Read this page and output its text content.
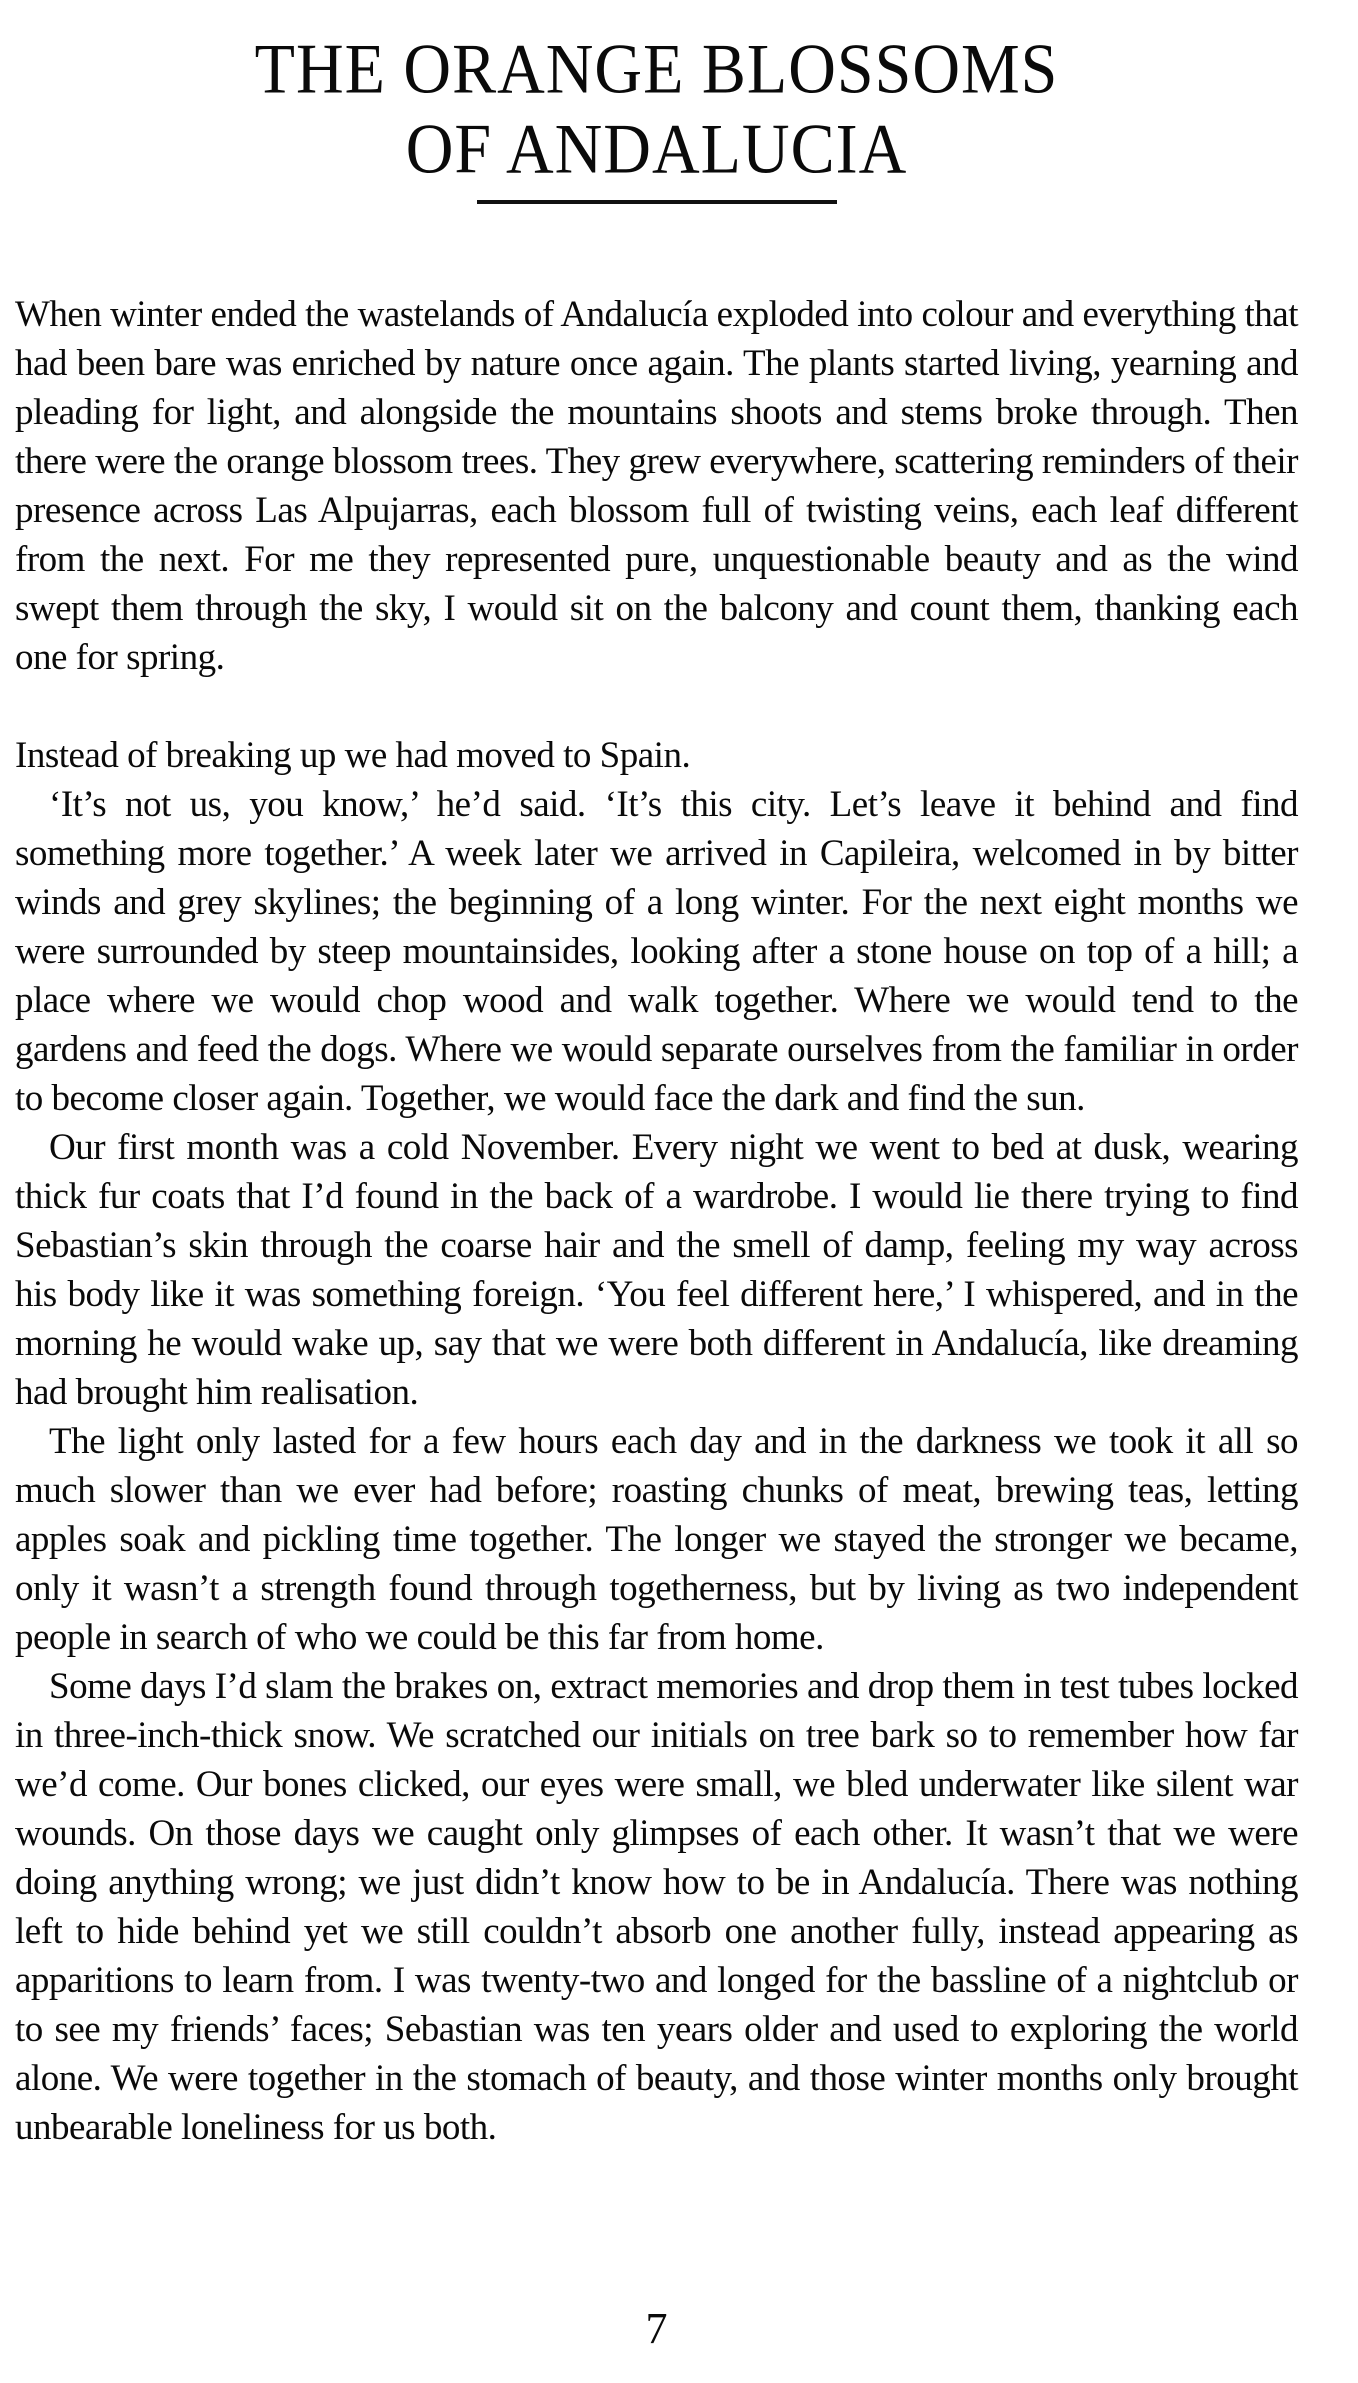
THE ORANGE BLOSSOMS
OF ANDALUCIA

When winter ended the wastelands of Andalucía exploded into colour and everything that had been bare was enriched by nature once again. The plants started living, yearning and pleading for light, and alongside the mountains shoots and stems broke through. Then there were the orange blossom trees. They grew everywhere, scattering reminders of their presence across Las Alpujarras, each blossom full of twisting veins, each leaf different from the next. For me they represented pure, unquestionable beauty and as the wind swept them through the sky, I would sit on the balcony and count them, thanking each one for spring.

Instead of breaking up we had moved to Spain.

‘It’s not us, you know,’ he’d said. ‘It’s this city. Let’s leave it behind and find something more together.’ A week later we arrived in Capileira, welcomed in by bitter winds and grey skylines; the beginning of a long winter. For the next eight months we were surrounded by steep mountainsides, looking after a stone house on top of a hill; a place where we would chop wood and walk together. Where we would tend to the gardens and feed the dogs. Where we would separate ourselves from the familiar in order to become closer again. Together, we would face the dark and find the sun.

Our first month was a cold November. Every night we went to bed at dusk, wearing thick fur coats that I’d found in the back of a wardrobe. I would lie there trying to find Sebastian’s skin through the coarse hair and the smell of damp, feeling my way across his body like it was something foreign. ‘You feel different here,’ I whispered, and in the morning he would wake up, say that we were both different in Andalucía, like dreaming had brought him realisation.

The light only lasted for a few hours each day and in the darkness we took it all so much slower than we ever had before; roasting chunks of meat, brewing teas, letting apples soak and pickling time together. The longer we stayed the stronger we became, only it wasn’t a strength found through togetherness, but by living as two independent people in search of who we could be this far from home.

Some days I’d slam the brakes on, extract memories and drop them in test tubes locked in three-inch-thick snow. We scratched our initials on tree bark so to remember how far we’d come. Our bones clicked, our eyes were small, we bled underwater like silent war wounds. On those days we caught only glimpses of each other. It wasn’t that we were doing anything wrong; we just didn’t know how to be in Andalucía. There was nothing left to hide behind yet we still couldn’t absorb one another fully, instead appearing as apparitions to learn from. I was twenty-two and longed for the bassline of a nightclub or to see my friends’ faces; Sebastian was ten years older and used to exploring the world alone. We were together in the stomach of beauty, and those winter months only brought unbearable loneliness for us both.

7
